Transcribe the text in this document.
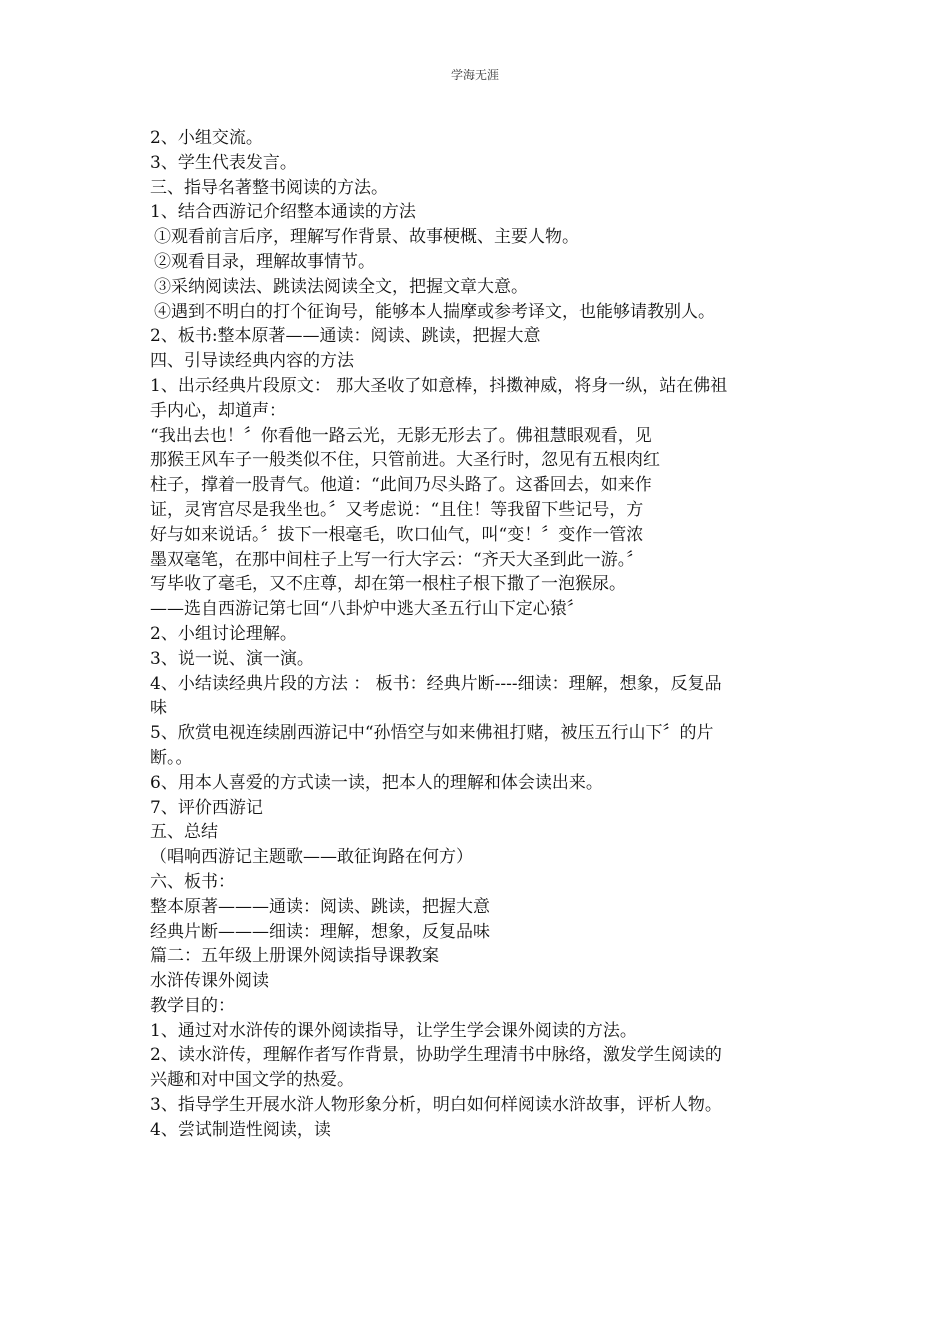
学海无涯
2、小组交流。
3、学生代表发言。
三、指导名著整书阅读的方法。
1、结合西游记介绍整本通读的方法
①观看前言后序，理解写作背景、故事梗概、主要人物。
②观看目录，理解故事情节。
③采纳阅读法、跳读法阅读全文，把握文章大意。
④遇到不明白的打个征询号，能够本人揣摩或参考译文，也能够请教别人。
2、板书:整本原著——通读：阅读、跳读，把握大意
四、引导读经典内容的方法
1、出示经典片段原文： 那大圣收了如意棒，抖擞神威，将身一纵，站在佛祖
手内心，却道声：
“我出去也！〞你看他一路云光，无影无形去了。佛祖慧眼观看，见
那猴王风车子一般类似不住，只管前进。大圣行时，忽见有五根肉红
柱子，撑着一股青气。他道：“此间乃尽头路了。这番回去，如来作
证，灵宵宫尽是我坐也。〞又考虑说：“且住！等我留下些记号，方
好与如来说话。〞拔下一根毫毛，吹口仙气，叫“变！〞变作一管浓
墨双毫笔，在那中间柱子上写一行大字云：“齐天大圣到此一游。〞
写毕收了毫毛，又不庄尊，却在第一根柱子根下撒了一泡猴尿。
——选自西游记第七回“八卦炉中逃大圣五行山下定心猿〞
2、小组讨论理解。
3、说一说、演一演。
4、小结读经典片段的方法 ： 板书：经典片断----细读：理解，想象，反复品
味
5、欣赏电视连续剧西游记中“孙悟空与如来佛祖打赌，被压五行山下〞的片
断。。
6、用本人喜爱的方式读一读，把本人的理解和体会读出来。
7、评价西游记
五、总结
（唱响西游记主题歌——敢征询路在何方）
六、板书：
整本原著———通读：阅读、跳读，把握大意
经典片断———细读：理解，想象，反复品味
篇二：五年级上册课外阅读指导课教案
水浒传课外阅读
教学目的：
1、通过对水浒传的课外阅读指导，让学生学会课外阅读的方法。
2、读水浒传，理解作者写作背景，协助学生理清书中脉络，激发学生阅读的
兴趣和对中国文学的热爱。
3、指导学生开展水浒人物形象分析，明白如何样阅读水浒故事，评析人物。
4、尝试制造性阅读，读
